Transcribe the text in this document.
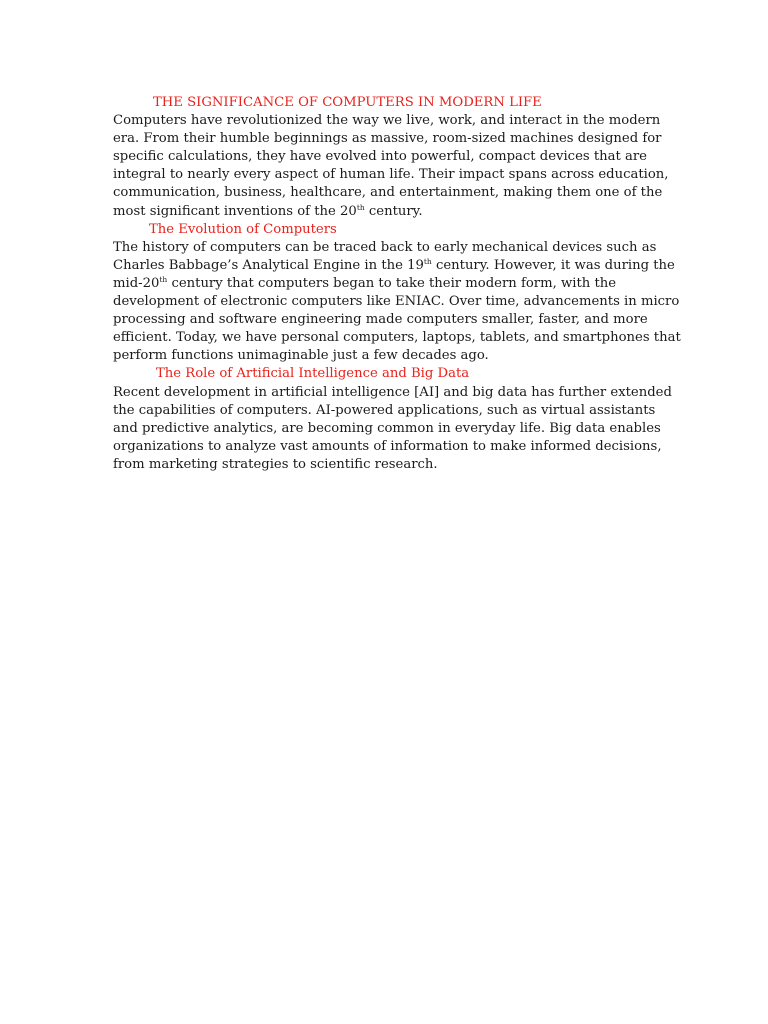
THE SIGNIFICANCE OF COMPUTERS IN MODERN LIFE

Computers have revolutionized the way we live, work, and interact in the modern
era. From their humble beginnings as massive, room-sized machines designed for
specific calculations, they have evolved into powerful, compact devices that are
integral to nearly every aspect of human life. Their impact spans across education,
communication, business, healthcare, and entertainment, making them one of the
most significant inventions of the 20th century.

The Evolution of Computers

The history of computers can be traced back to early mechanical devices such as
Charles Babbage’s Analytical Engine in the 19th century. However, it was during the
mid-20th century that computers began to take their modern form, with the
development of electronic computers like ENIAC. Over time, advancements in micro
processing and software engineering made computers smaller, faster, and more
efficient. Today, we have personal computers, laptops, tablets, and smartphones that
perform functions unimaginable just a few decades ago.

The Role of Artificial Intelligence and Big Data

Recent development in artificial intelligence [AI] and big data has further extended
the capabilities of computers. AI-powered applications, such as virtual assistants
and predictive analytics, are becoming common in everyday life. Big data enables
organizations to analyze vast amounts of information to make informed decisions,
from marketing strategies to scientific research.
